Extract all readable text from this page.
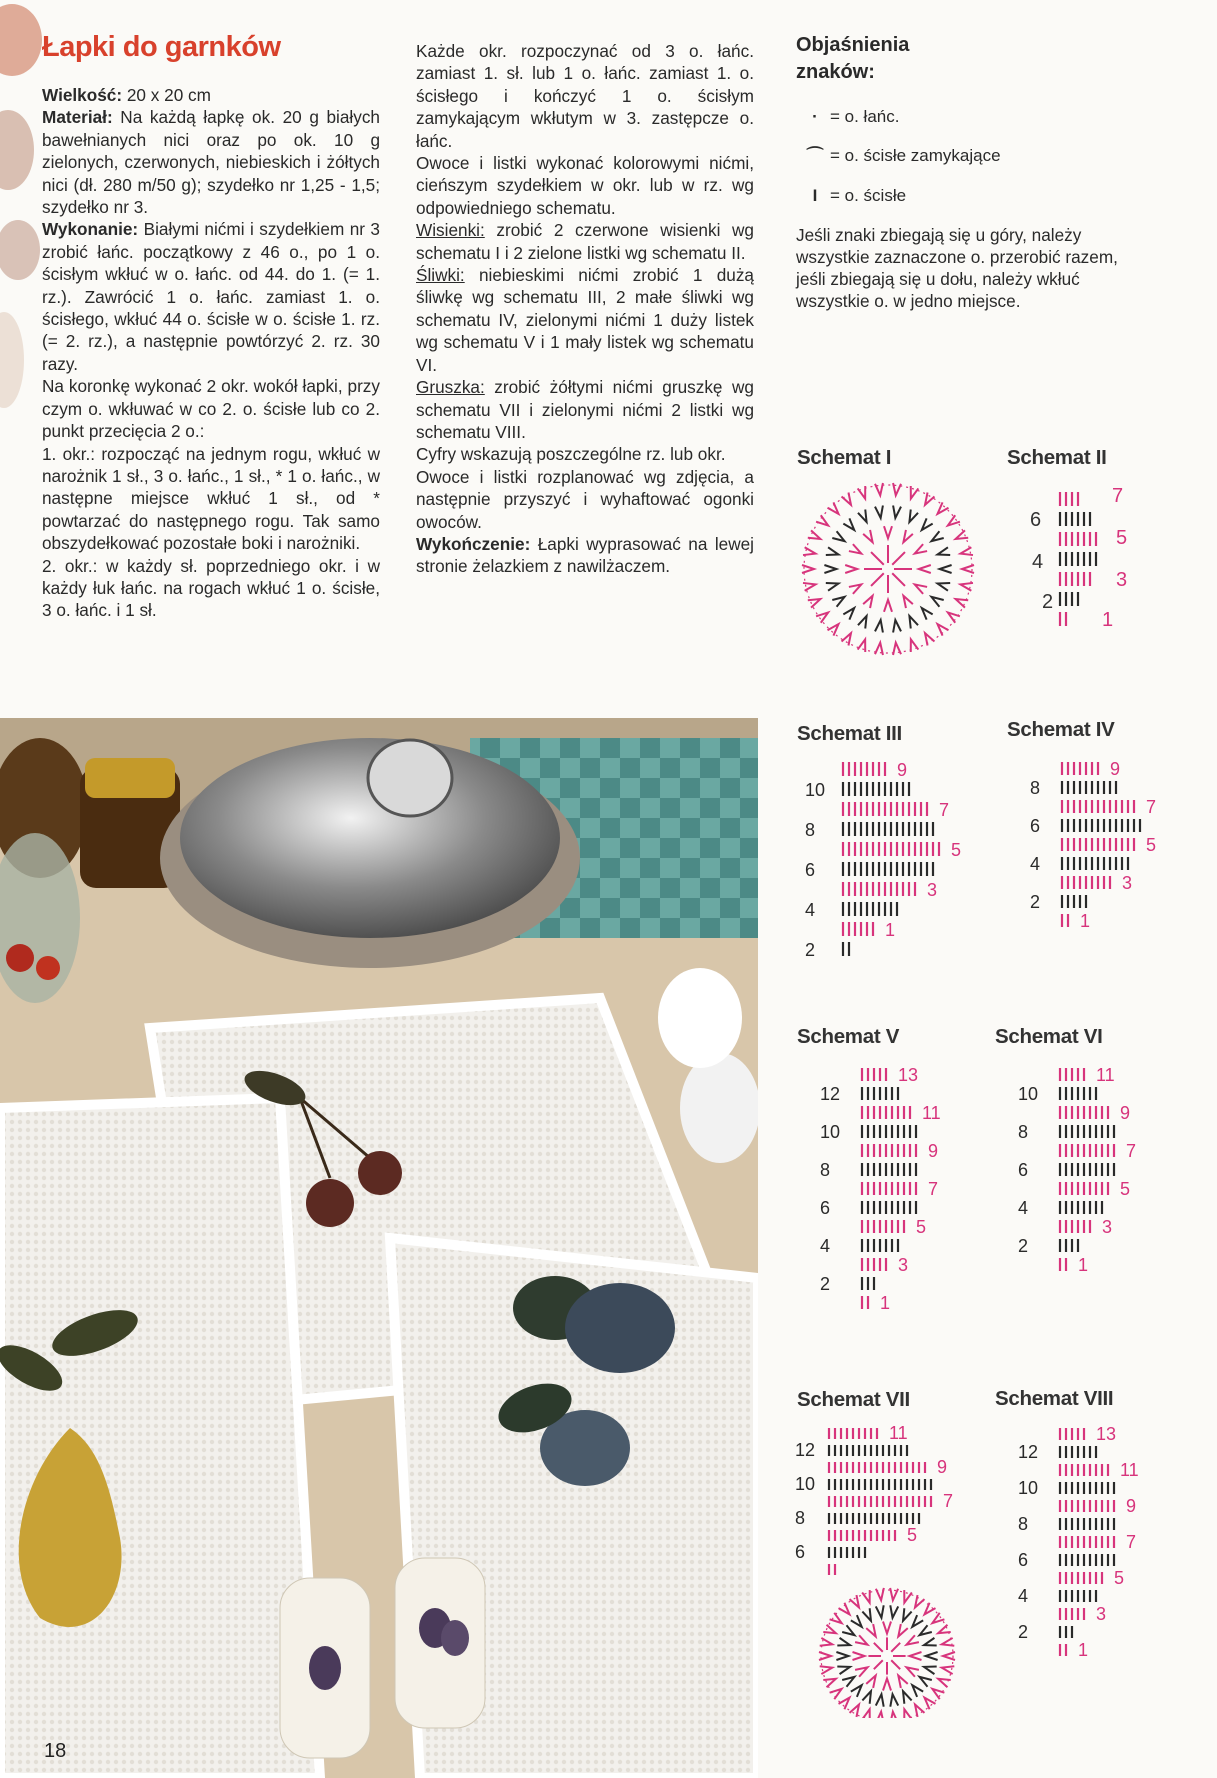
Łapki do garnków

Wielkość: 20 x 20 cm

Materiał: Na każdą łapkę ok. 20 g białych bawełnianych nici oraz po ok. 10 g zielonych, czerwonych, niebieskich i żółtych nici (dł. 280 m/50 g); szydełko nr 1,25 - 1,5; szydełko nr 3.

Wykonanie: Białymi nićmi i szydełkiem nr 3 zrobić łańc. początkowy z 46 o., po 1 o. ścisłym wkłuć w o. łańc. od 44. do 1. (= 1. rz.). Zawrócić 1 o. łańc. zamiast 1. o. ścisłego, wkłuć 44 o. ścisłe w o. ścisłe 1. rz. (= 2. rz.), a następnie powtórzyć 2. rz. 30 razy.

Na koronkę wykonać 2 okr. wokół łapki, przy czym o. wkłuwać w co 2. o. ścisłe lub co 2. punkt przecięcia 2 o.:

1. okr.: rozpocząć na jednym rogu, wkłuć w narożnik 1 sł., 3 o. łańc., 1 sł., * 1 o. łańc., w następne miejsce wkłuć 1 sł., od * powtarzać do następnego rogu. Tak samo obszydełkować pozostałe boki i narożniki.

2. okr.: w każdy sł. poprzedniego okr. i w każdy łuk łańc. na rogach wkłuć 1 o. ścisłe, 3 o. łańc. i 1 sł.

Każde okr. rozpoczynać od 3 o. łańc. zamiast 1. sł. lub 1 o. łańc. zamiast 1. o. ścisłego i kończyć 1 o. ścisłym zamykającym wkłutym w 3. zastępcze o. łańc.

Owoce i listki wykonać kolorowymi nićmi, cieńszym szydełkiem w okr. lub w rz. wg odpowiedniego schematu.

Wisienki: zrobić 2 czerwone wisienki wg schematu I i 2 zielone listki wg schematu II.

Śliwki: niebieskimi nićmi zrobić 1 dużą śliwkę wg schematu III, 2 małe śliwki wg schematu IV, zielonymi nićmi 1 duży listek wg schematu V i 1 mały listek wg schematu VI.

Gruszka: zrobić żółtymi nićmi gruszkę wg schematu VII i zielonymi nićmi 2 listki wg schematu VIII.

Cyfry wskazują poszczególne rz. lub okr.

Owoce i listki rozplanować wg zdjęcia, a następnie przyszyć i wyhaftować ogonki owoców.

Wykończenie: Łapki wyprasować na lewej stronie żelazkiem z nawilżaczem.

Objaśnienia
znaków:
· = o. łańc.
⌒ = o. ścisłe zamykające
I = o. ścisłe

Jeśli znaki zbiegają się u góry, należy wszystkie zaznaczone o. przerobić razem, jeśli zbiegają się u dołu, należy wkłuć wszystkie o. w jedno miejsce.

Schemat I	Schemat II
Schemat III	Schemat IV
Schemat V	Schemat VI
Schemat VII	Schemat VIII
6
4
2
7
5
3
1
9
10
7
8
5
6
3
4
1
2
9
8
7
6
5
4
3
2
1
13
12
11
10
9
8
7
6
5
4
3
2
1
11
10
9
8
7
6
5
4
3
2
1
11
12
9
10
7
8
5
6
13
12
11
10
9
8
7
6
5
4
3
2
1
18
